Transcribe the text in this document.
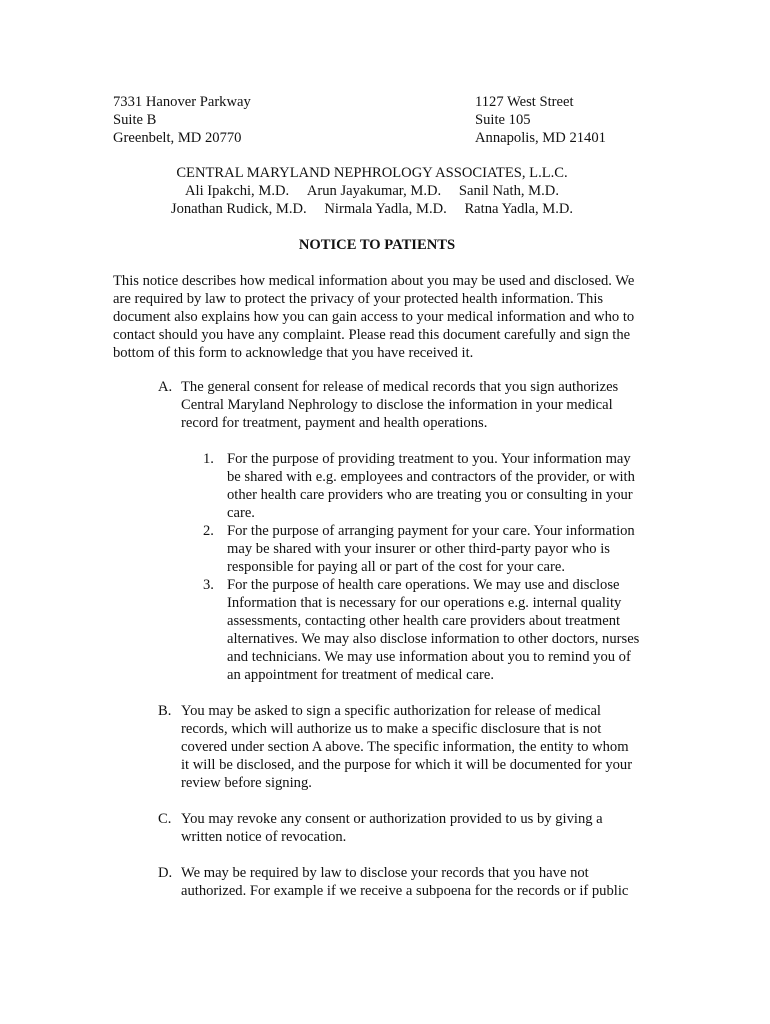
7331 Hanover Parkway
Suite B
Greenbelt, MD 20770
1127 West Street
Suite 105
Annapolis, MD 21401
CENTRAL MARYLAND NEPHROLOGY ASSOCIATES, L.L.C.
Ali Ipakchi, M.D. Arun Jayakumar, M.D. Sanil Nath, M.D.
Jonathan Rudick, M.D. Nirmala Yadla, M.D. Ratna Yadla, M.D.
NOTICE TO PATIENTS
This notice describes how medical information about you may be used and disclosed. We
are required by law to protect the privacy of your protected health information. This
document also explains how you can gain access to your medical information and who to
contact should you have any complaint. Please read this document carefully and sign the
bottom of this form to acknowledge that you have received it.
A. The general consent for release of medical records that you sign authorizes
Central Maryland Nephrology to disclose the information in your medical
record for treatment, payment and health operations.
1. For the purpose of providing treatment to you. Your information may
be shared with e.g. employees and contractors of the provider, or with
other health care providers who are treating you or consulting in your
care.
2. For the purpose of arranging payment for your care. Your information
may be shared with your insurer or other third-party payor who is
responsible for paying all or part of the cost for your care.
3. For the purpose of health care operations. We may use and disclose
Information that is necessary for our operations e.g. internal quality
assessments, contacting other health care providers about treatment
alternatives. We may also disclose information to other doctors, nurses
and technicians. We may use information about you to remind you of
an appointment for treatment of medical care.
B. You may be asked to sign a specific authorization for release of medical
records, which will authorize us to make a specific disclosure that is not
covered under section A above. The specific information, the entity to whom
it will be disclosed, and the purpose for which it will be documented for your
review before signing.
C. You may revoke any consent or authorization provided to us by giving a
written notice of revocation.
D. We may be required by law to disclose your records that you have not
authorized. For example if we receive a subpoena for the records or if public
